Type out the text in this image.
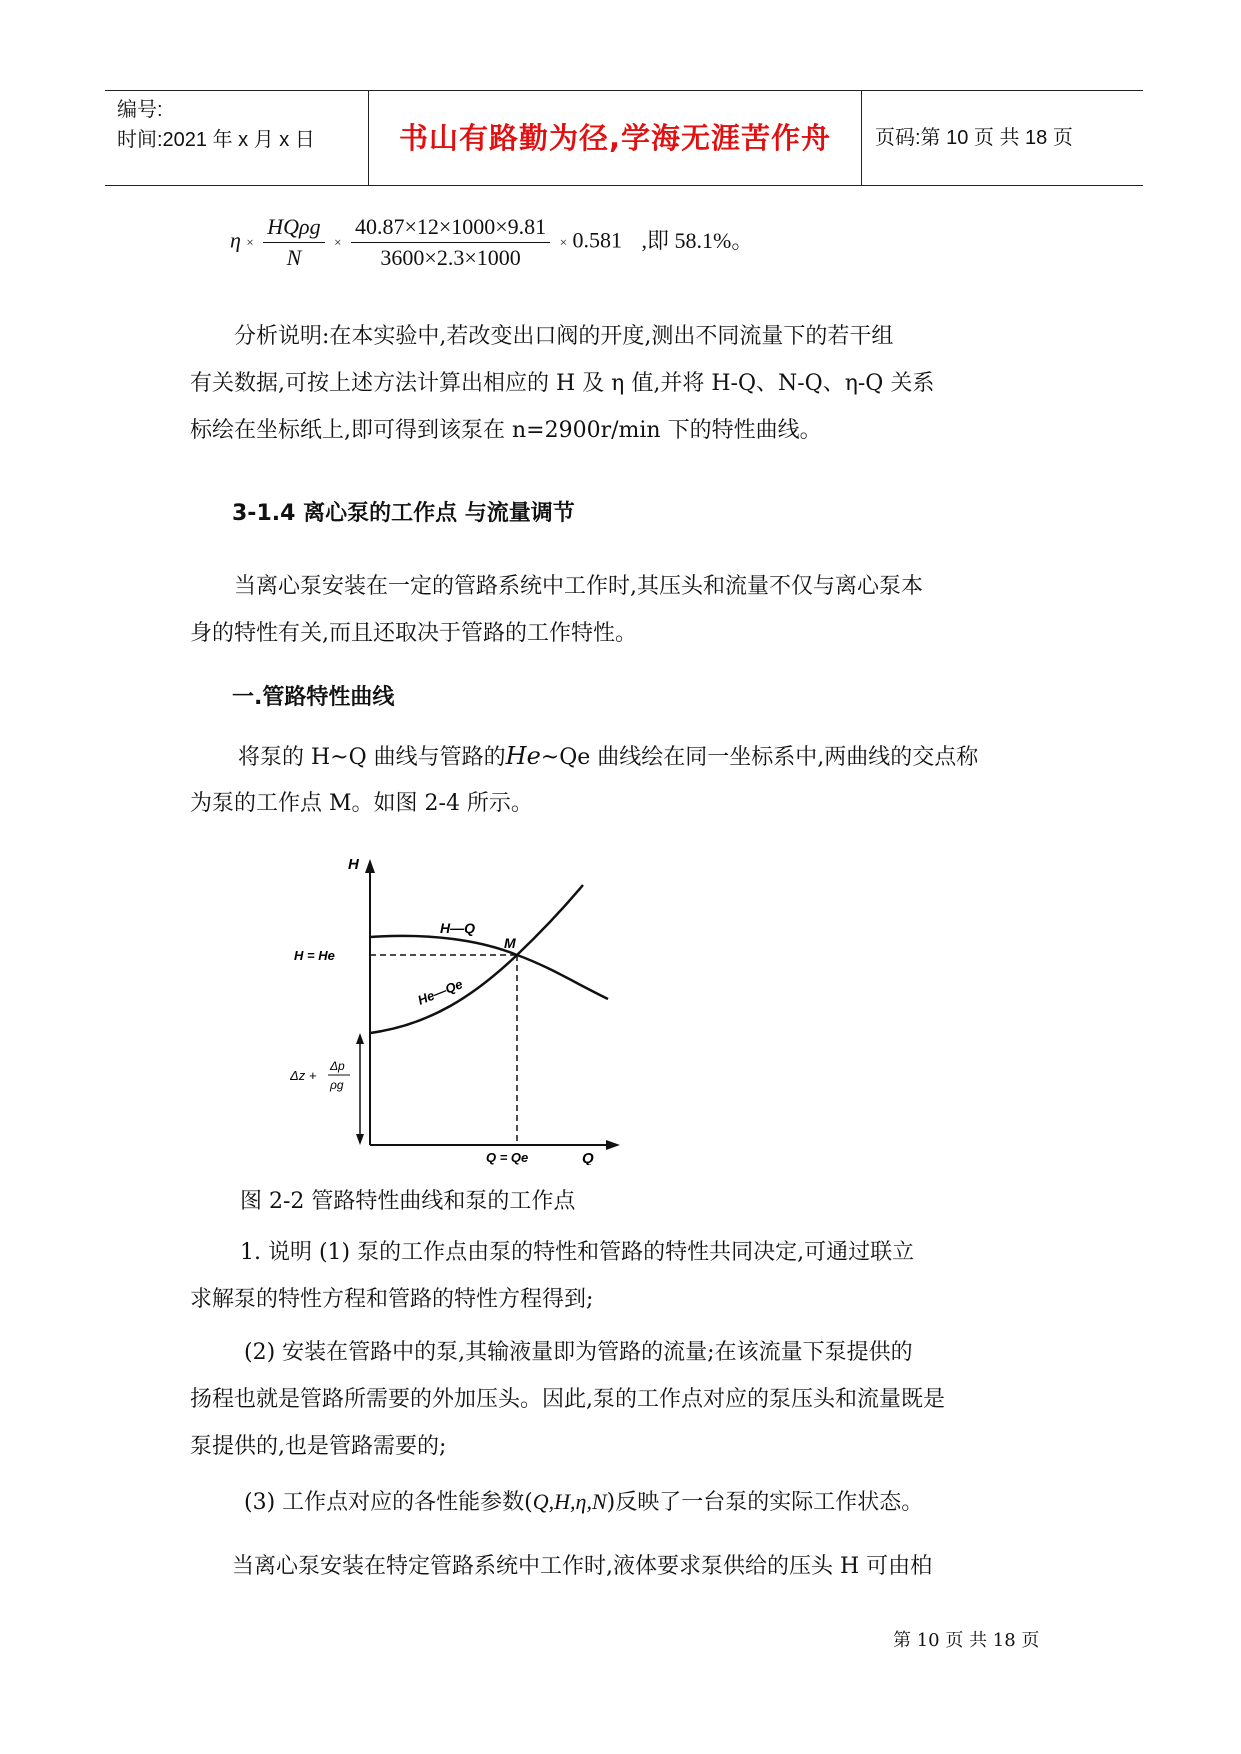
编号:
时间:2021 年 x 月 x 日	书山有路勤为径,学海无涯苦作舟	页码:第 10 页 共 18 页
$\eta \times \frac{\text{HQρg}}{N} \times \frac{40.87\times 12\times 1000\times 9.81}{3600\times 2.3\times 1000} \times 0.581$ ,即 58.1%。
分析说明:在本实验中,若改变出口阀的开度,测出不同流量下的若干组
有关数据,可按上述方法计算出相应的 H 及 η 值,并将 H-Q、N-Q、η-Q 关系
标绘在坐标纸上,即可得到该泵在 n=2900r/min 下的特性曲线。
3-1.4 离心泵的工作点 与流量调节
当离心泵安装在一定的管路系统中工作时,其压头和流量不仅与离心泵本
身的特性有关,而且还取决于管路的工作特性。
一.管路特性曲线
将泵的 H~Q 曲线与管路的He~Qe 曲线绘在同一坐标系中,两曲线的交点称
为泵的工作点 M。如图 2-4 所示。
H
Q
H—Q
He—Qe
M
H = He
Q = Qe
Δz +
Δp
ρg
图 2-2 管路特性曲线和泵的工作点
1. 说明 (1) 泵的工作点由泵的特性和管路的特性共同决定,可通过联立
求解泵的特性方程和管路的特性方程得到;
(2) 安装在管路中的泵,其输液量即为管路的流量;在该流量下泵提供的
扬程也就是管路所需要的外加压头。因此,泵的工作点对应的泵压头和流量既是
泵提供的,也是管路需要的;
(3) 工作点对应的各性能参数(Q,H,η,N)反映了一台泵的实际工作状态。
当离心泵安装在特定管路系统中工作时,液体要求泵供给的压头 H 可由柏
第 10 页 共 18 页
